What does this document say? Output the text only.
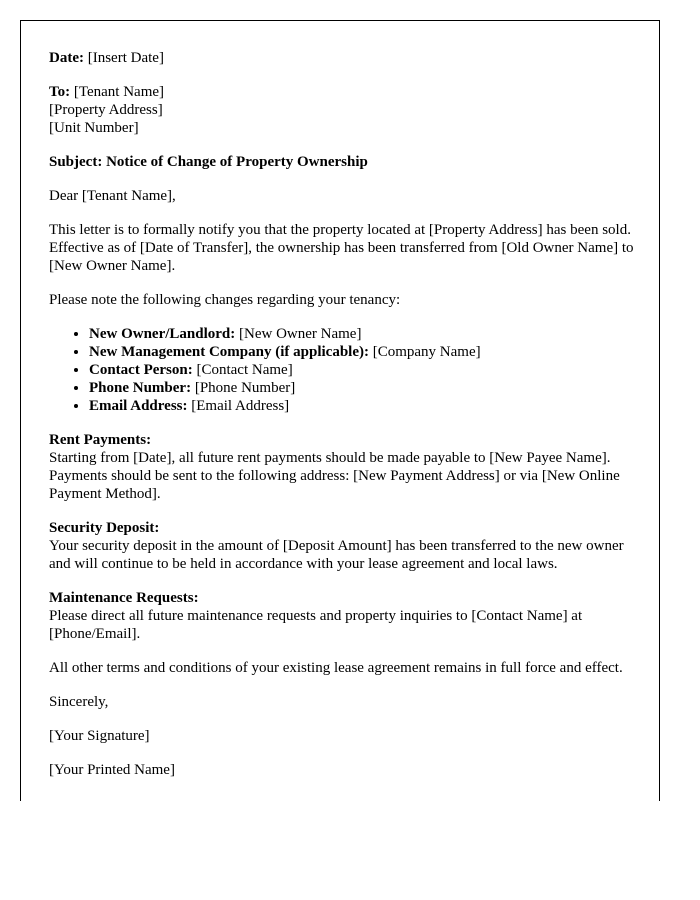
Date: [Insert Date]

To: [Tenant Name]
[Property Address]
[Unit Number]

Subject: Notice of Change of Property Ownership

Dear [Tenant Name],

This letter is to formally notify you that the property located at [Property Address] has been sold. Effective as of [Date of Transfer], the ownership has been transferred from [Old Owner Name] to [New Owner Name].

Please note the following changes regarding your tenancy:

• New Owner/Landlord: [New Owner Name]
• New Management Company (if applicable): [Company Name]
• Contact Person: [Contact Name]
• Phone Number: [Phone Number]
• Email Address: [Email Address]
Rent Payments:
Starting from [Date], all future rent payments should be made payable to [New Payee Name]. Payments should be sent to the following address: [New Payment Address] or via [New Online Payment Method].
Security Deposit:
Your security deposit in the amount of [Deposit Amount] has been transferred to the new owner and will continue to be held in accordance with your lease agreement and local laws.
Maintenance Requests:
Please direct all future maintenance requests and property inquiries to [Contact Name] at [Phone/Email].

All other terms and conditions of your existing lease agreement remains in full force and effect.

Sincerely,

[Your Signature]

[Your Printed Name]
